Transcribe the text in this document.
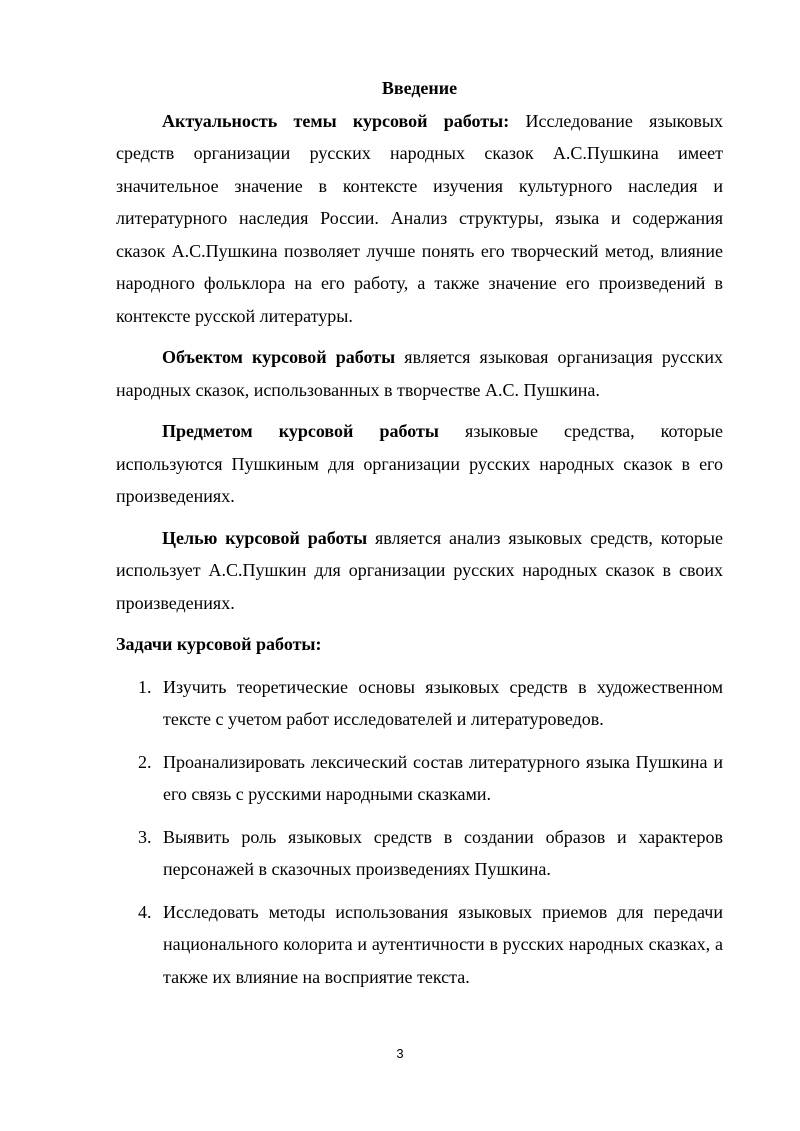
Введение

Актуальность темы курсовой работы: Исследование языковых средств организации русских народных сказок А.С.Пушкина имеет значительное значение в контексте изучения культурного наследия и литературного наследия России. Анализ структуры, языка и содержания сказок А.С.Пушкина позволяет лучше понять его творческий метод, влияние народного фольклора на его работу, а также значение его произведений в контексте русской литературы.

Объектом курсовой работы является языковая организация русских народных сказок, использованных в творчестве А.С. Пушкина.

Предметом курсовой работы языковые средства, которые используются Пушкиным для организации русских народных сказок в его произведениях.

Целью курсовой работы является анализ языковых средств, которые использует А.С.Пушкин для организации русских народных сказок в своих произведениях.

Задачи курсовой работы:
1. Изучить теоретические основы языковых средств в художественном тексте с учетом работ исследователей и литературоведов.
2. Проанализировать лексический состав литературного языка Пушкина и его связь с русскими народными сказками.
3. Выявить роль языковых средств в создании образов и характеров персонажей в сказочных произведениях Пушкина.
4. Исследовать методы использования языковых приемов для передачи национального колорита и аутентичности в русских народных сказках, а также их влияние на восприятие текста.
3
